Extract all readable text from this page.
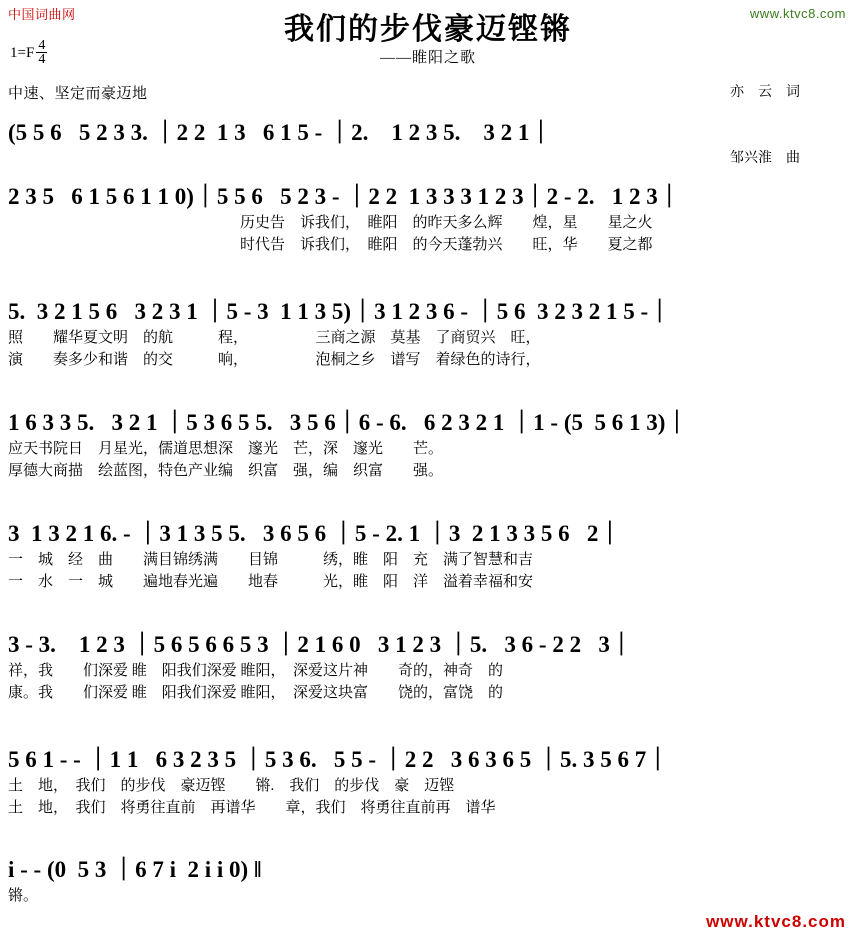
中国词曲网	www.ktvc8.com
我们的步伐豪迈铿锵
——睢阳之歌

亦　云　词

邹兴淮　曲

$1=F \frac{4}{4}$
中速、坚定而豪迈地
(5 5 6   5 2 3 3. ｜2 2  1 3   6 1 5 - ｜2.    1 2 3 5.    3 2 1｜
2 3 5   6 1 5 6 1 1 0)｜5 5 6   5 2 3 - ｜2 2  1 3 3 3 1 2 3｜2 - 2.   1 2 3｜
历史告　诉我们，　睢阳　的昨天多么辉　　煌，星　　星之火
时代告　诉我们，　睢阳　的今天蓬勃兴　　旺，华　　夏之都
5.  3 2 1 5 6   3 2 3 1 ｜5 - 3  1 1 3 5)｜3 1 2 3 6 - ｜5 6  3 2 3 2 1 5 -｜
照　　耀华夏文明　的航　　　程，　　　　　三商之源　莫基　了商贸兴　旺，
演　　奏多少和谐　的交　　　响，　　　　　泡桐之乡　谱写　着绿色的诗行，
1 6 3 3 5.   3 2 1 ｜5 3 6 5 5.   3 5 6｜6 - 6.   6 2 3 2 1 ｜1 - (5  5 6 1 3)｜
应天书院日　月星光，儒道思想深　邃光　芒，深　邃光　　芒。
厚德大商描　绘蓝图，特色产业编　织富　强，编　织富　　强。
3  1 3 2 1 6. - ｜3 1 3 5 5.   3 6 5 6 ｜5 - 2. 1 ｜3  2 1 3 3 5 6   2｜
一　城　经　曲　　满目锦绣满　　目锦　　　绣，睢　阳　充　满了智慧和吉
一　水　一　城　　遍地春光遍　　地春　　　光，睢　阳　洋　溢着幸福和安
3 - 3.    1 2 3 ｜5 6 5 6 6 5 3 ｜2 1 6 0   3 1 2 3 ｜5.   3 6 - 2 2   3｜
祥，我　　们深爱 睢　阳我们深爱 睢阳，　深爱这片神　　奇的，神奇　的
康。我　　们深爱 睢　阳我们深爱 睢阳，　深爱这块富　　饶的，富饶　的
5 6 1 - - ｜1 1   6 3 2 3 5 ｜5 3 6.   5 5 - ｜2 2   3 6 3 6 5 ｜5. 3 5 6 7｜
土　地，　我们　的步伐　豪迈铿　　锵.　我们　的步伐　豪　迈铿
土　地，　我们　将勇往直前　再谱华　　章，我们　将勇往直前再　谱华
i - - (0  5 3 ｜6 7 i  2 i i 0) ‖
锵。
www.ktvc8.com
